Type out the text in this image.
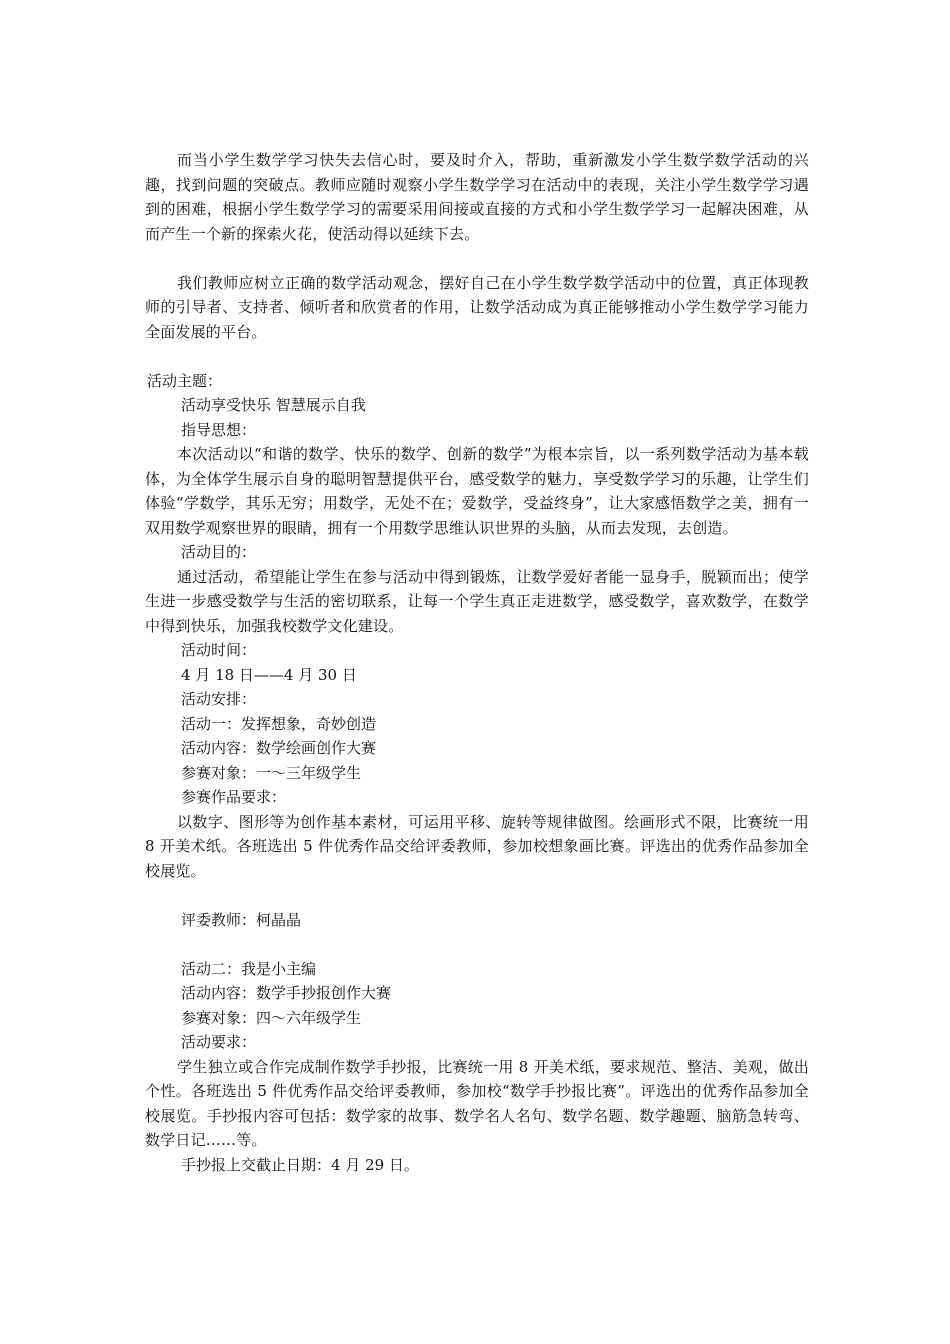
而当小学生数学学习快失去信心时，要及时介入，帮助，重新激发小学生数学数学活动的兴趣，找到问题的突破点。教师应随时观察小学生数学学习在活动中的表现，关注小学生数学学习遇到的困难，根据小学生数学学习的需要采用间接或直接的方式和小学生数学学习一起解决困难，从而产生一个新的探索火花，使活动得以延续下去。

我们教师应树立正确的数学活动观念，摆好自己在小学生数学数学活动中的位置，真正体现教师的引导者、支持者、倾听者和欣赏者的作用，让数学活动成为真正能够推动小学生数学学习能力全面发展的平台。

活动主题：

活动享受快乐 智慧展示自我

指导思想：

本次活动以“和谐的数学、快乐的数学、创新的数学”为根本宗旨，以一系列数学活动为基本载体，为全体学生展示自身的聪明智慧提供平台，感受数学的魅力，享受数学学习的乐趣，让学生们体验“学数学，其乐无穷；用数学，无处不在；爱数学，受益终身”，让大家感悟数学之美，拥有一双用数学观察世界的眼睛，拥有一个用数学思维认识世界的头脑，从而去发现，去创造。

活动目的：

通过活动，希望能让学生在参与活动中得到锻炼，让数学爱好者能一显身手，脱颖而出；使学生进一步感受数学与生活的密切联系，让每一个学生真正走进数学，感受数学，喜欢数学，在数学中得到快乐，加强我校数学文化建设。

活动时间：

4 月 18 日——4 月 30 日

活动安排：

活动一：发挥想象，奇妙创造

活动内容：数学绘画创作大赛

参赛对象：一～三年级学生

参赛作品要求：

以数字、图形等为创作基本素材，可运用平移、旋转等规律做图。绘画形式不限，比赛统一用 8 开美术纸。各班选出 5 件优秀作品交给评委教师，参加校想象画比赛。评选出的优秀作品参加全校展览。

评委教师：柯晶晶

活动二：我是小主编

活动内容：数学手抄报创作大赛

参赛对象：四～六年级学生

活动要求：

学生独立或合作完成制作数学手抄报，比赛统一用 8 开美术纸，要求规范、整洁、美观，做出个性。各班选出 5 件优秀作品交给评委教师，参加校“数学手抄报比赛”。评选出的优秀作品参加全校展览。手抄报内容可包括：数学家的故事、数学名人名句、数学名题、数学趣题、脑筋急转弯、数学日记……等。

手抄报上交截止日期：4 月 29 日。
